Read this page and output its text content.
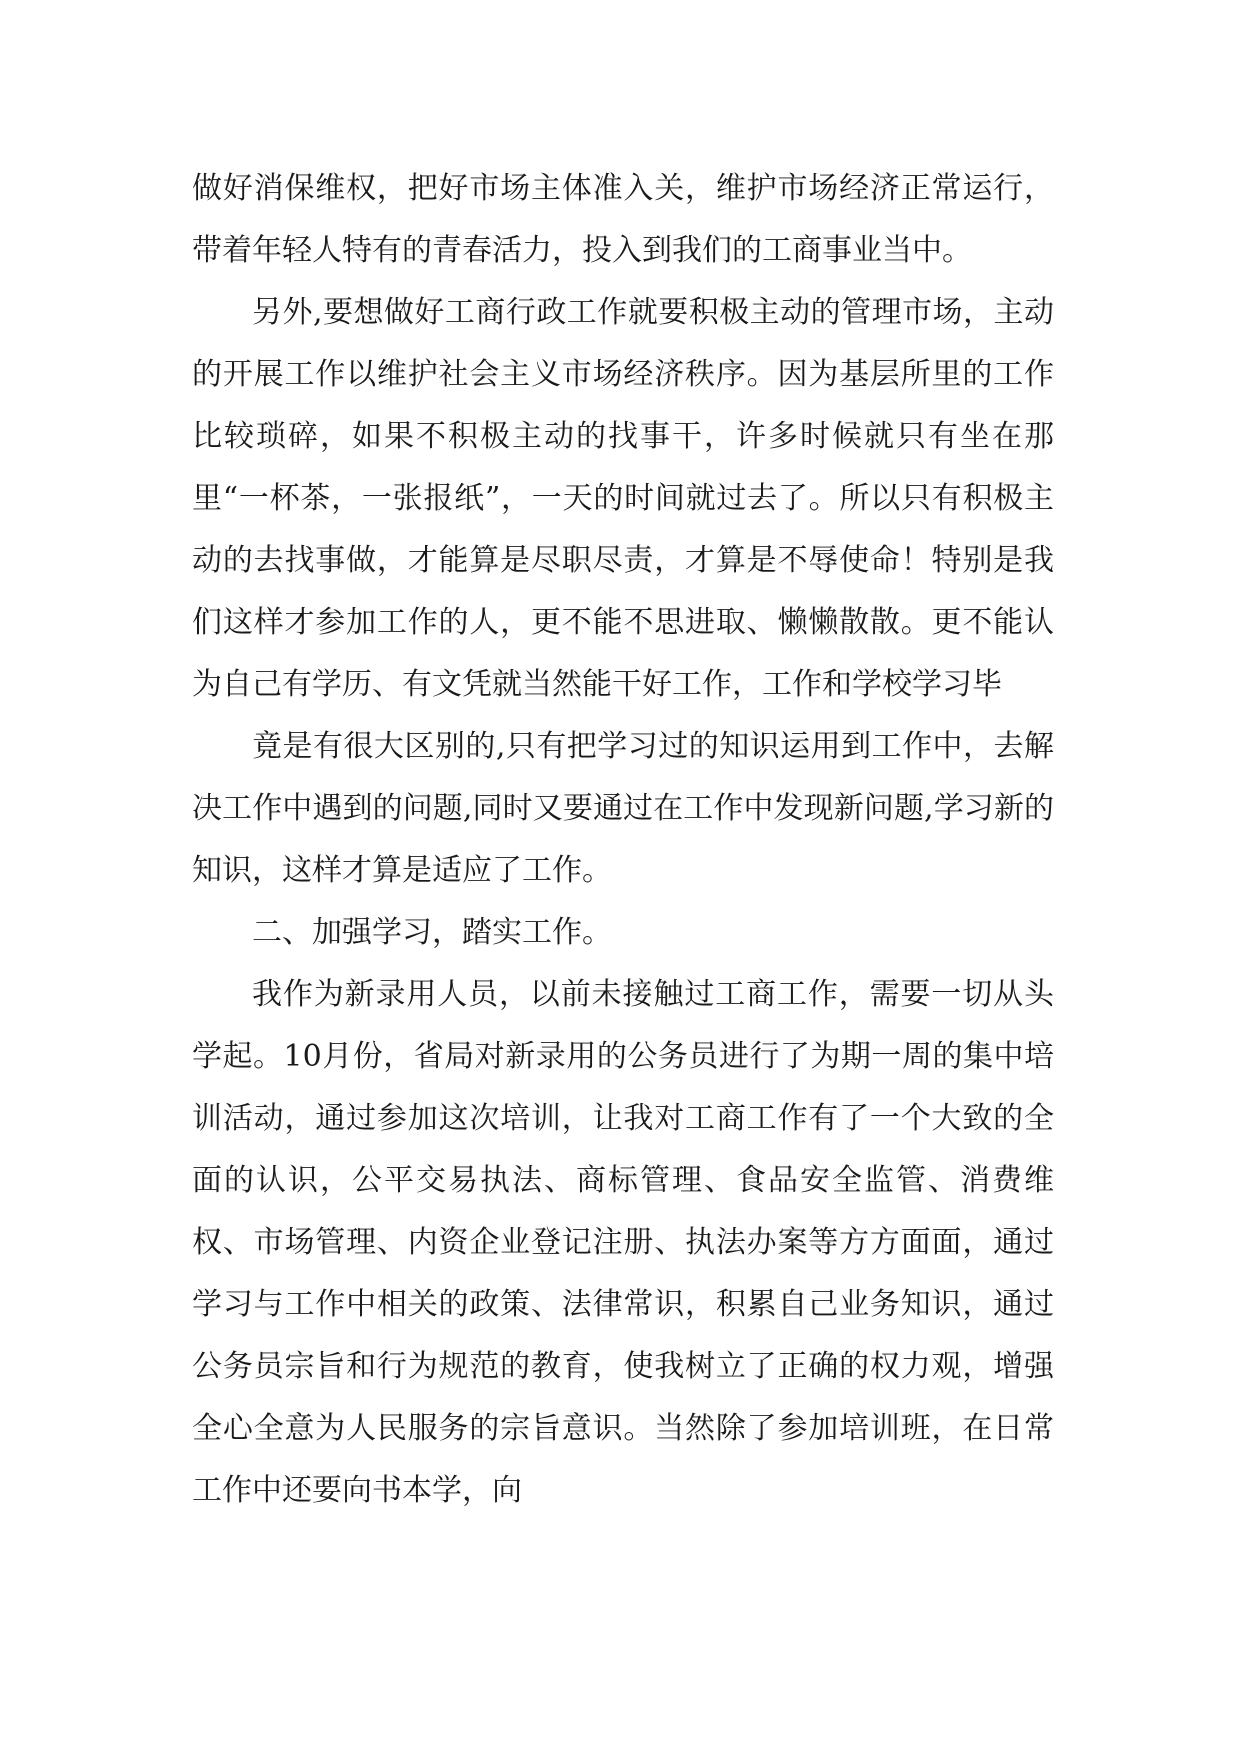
做好消保维权，把好市场主体准入关，维护市场经济正常运行，带着年轻人特有的青春活力，投入到我们的工商事业当中。

另外,要想做好工商行政工作就要积极主动的管理市场，主动的开展工作以维护社会主义市场经济秩序。因为基层所里的工作比较琐碎，如果不积极主动的找事干，许多时候就只有坐在那里“一杯茶，一张报纸”，一天的时间就过去了。所以只有积极主动的去找事做，才能算是尽职尽责，才算是不辱使命！特别是我们这样才参加工作的人，更不能不思进取、懒懒散散。更不能认为自己有学历、有文凭就当然能干好工作，工作和学校学习毕

竟是有很大区别的,只有把学习过的知识运用到工作中，去解决工作中遇到的问题,同时又要通过在工作中发现新问题,学习新的知识，这样才算是适应了工作。

二、加强学习，踏实工作。

我作为新录用人员，以前未接触过工商工作，需要一切从头学起。10月份，省局对新录用的公务员进行了为期一周的集中培训活动，通过参加这次培训，让我对工商工作有了一个大致的全面的认识，公平交易执法、商标管理、食品安全监管、消费维权、市场管理、内资企业登记注册、执法办案等方方面面，通过学习与工作中相关的政策、法律常识，积累自己业务知识，通过公务员宗旨和行为规范的教育，使我树立了正确的权力观，增强全心全意为人民服务的宗旨意识。当然除了参加培训班，在日常工作中还要向书本学，向
